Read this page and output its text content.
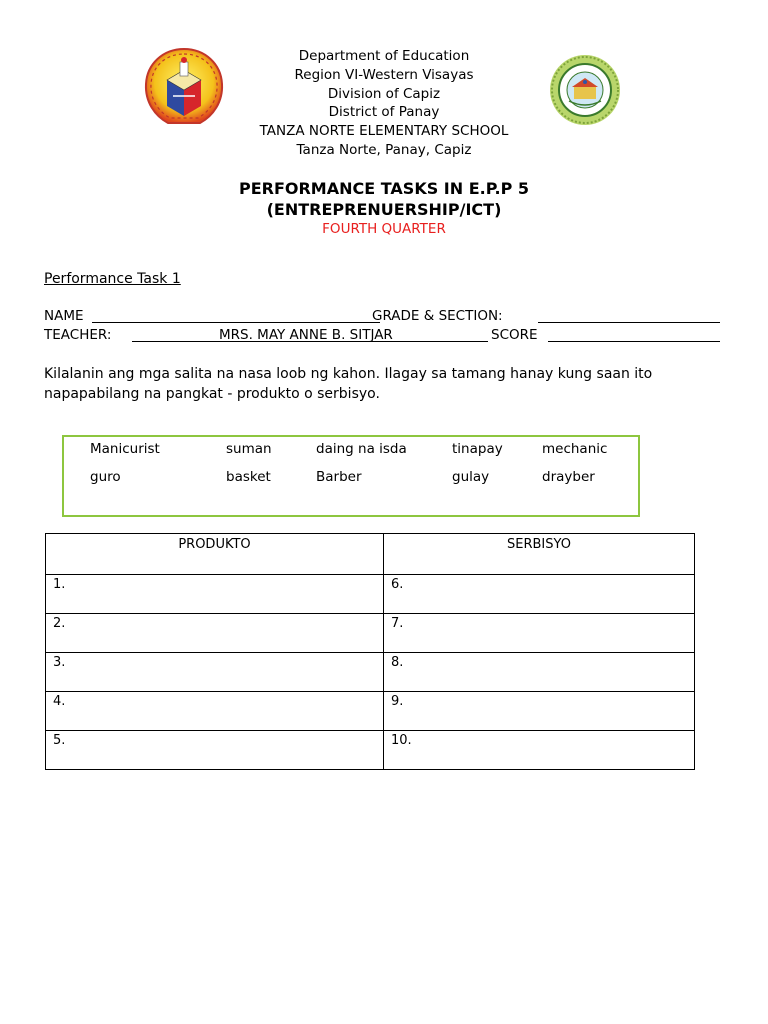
Department of Education
Region VI-Western Visayas
Division of Capiz
District of Panay
TANZA NORTE ELEMENTARY SCHOOL
Tanza Norte, Panay, Capiz
PERFORMANCE TASKS IN E.P.P 5
(ENTREPRENUERSHIP/ICT)
FOURTH QUARTER
Performance Task 1
NAME	GRADE & SECTION:
TEACHER:	MRS. MAY ANNE B. SITJAR	SCORE
Kilalanin ang mga salita na nasa loob ng kahon. Ilagay sa tamang hanay kung saan ito napapabilang na pangkat - produkto o serbisyo.
Manicurist	suman	daing na isda	tinapay	mechanic
guro	basket	Barber	gulay	drayber
PRODUKTO	SERBISYO
1.	6.
2.	7.
3.	8.
4.	9.
5.	10.
